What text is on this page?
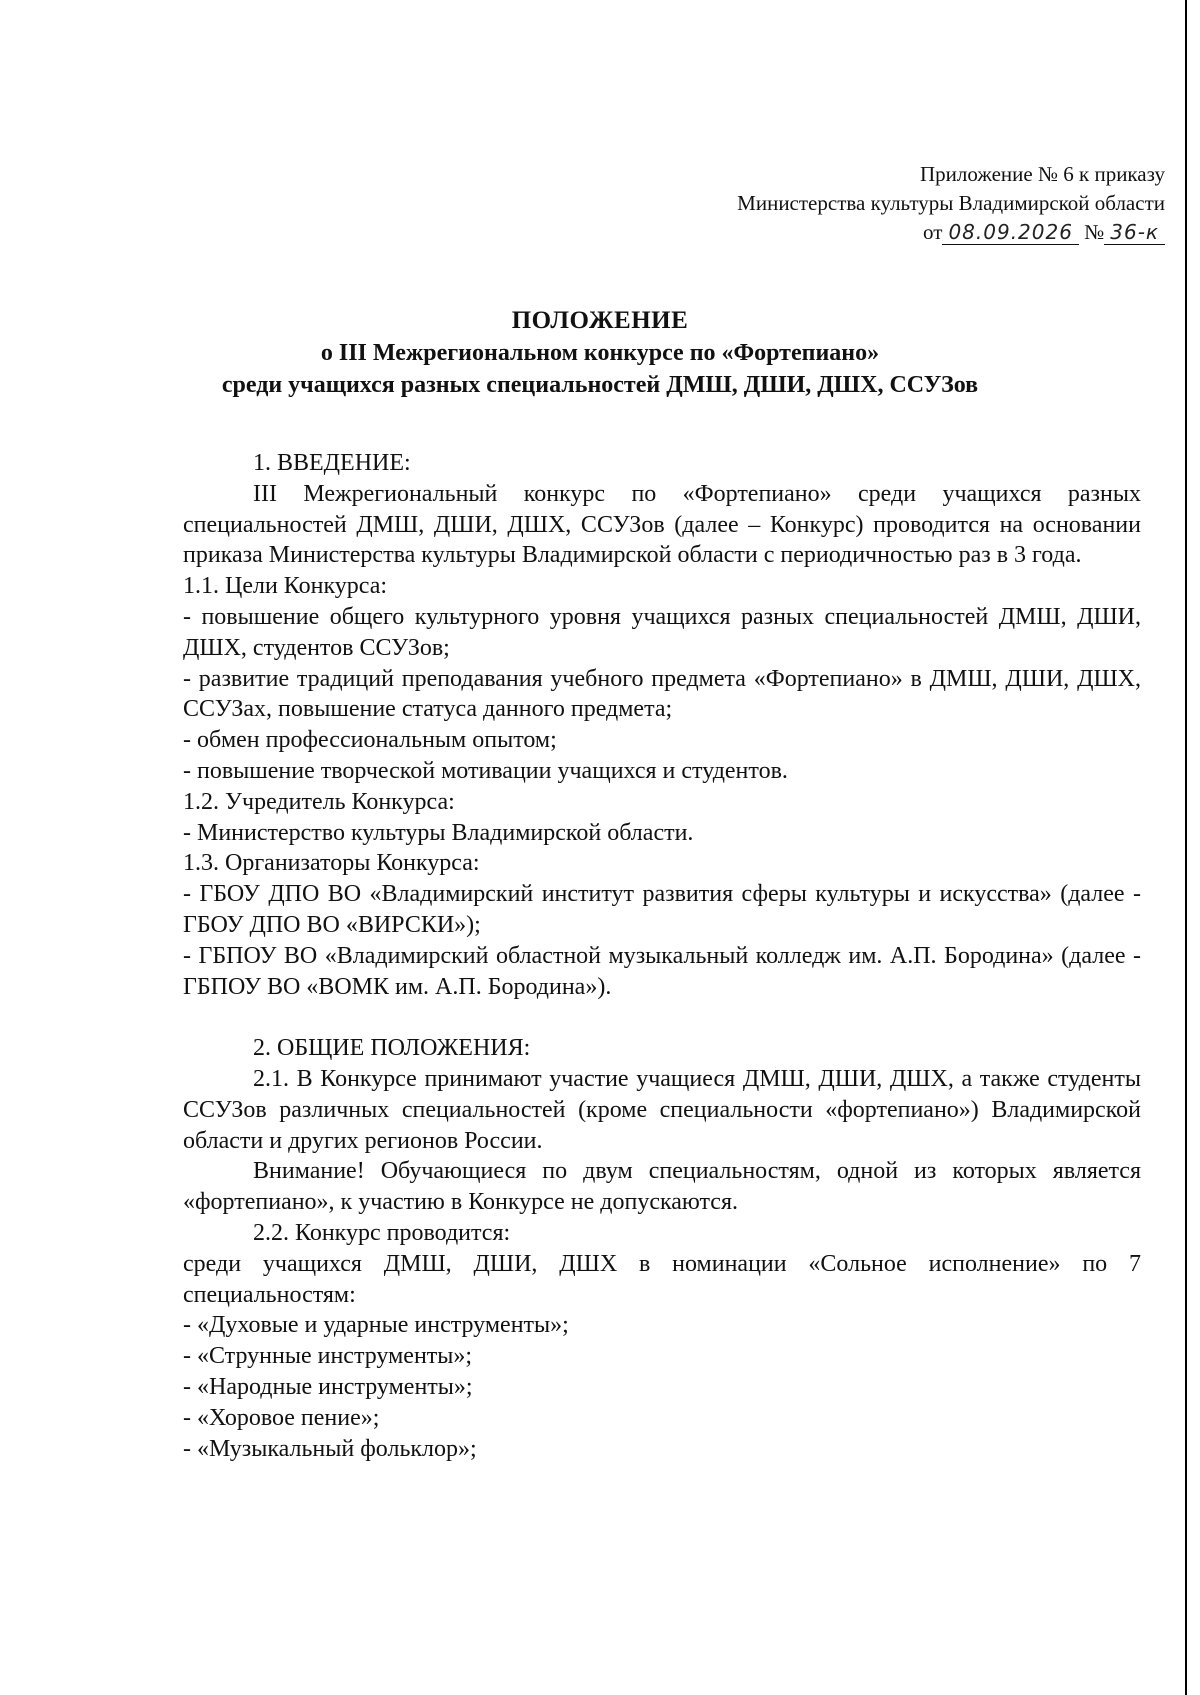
Приложение № 6 к приказу
Министерства культуры Владимирской области
от 08.09.2026 № 36-к
ПОЛОЖЕНИЕ
о III Межрегиональном конкурсе по «Фортепиано»
среди учащихся разных специальностей ДМШ, ДШИ, ДШХ, ССУЗов

1. ВВЕДЕНИЕ:

III Межрегиональный конкурс по «Фортепиано» среди учащихся разных специальностей ДМШ, ДШИ, ДШХ, ССУЗов (далее – Конкурс) проводится на основании приказа Министерства культуры Владимирской области с периодичностью раз в 3 года.

1.1. Цели Конкурса:

- повышение общего культурного уровня учащихся разных специальностей ДМШ, ДШИ, ДШХ, студентов ССУЗов;

- развитие традиций преподавания учебного предмета «Фортепиано» в ДМШ, ДШИ, ДШХ, ССУЗах, повышение статуса данного предмета;

- обмен профессиональным опытом;

- повышение творческой мотивации учащихся и студентов.

1.2. Учредитель Конкурса:

- Министерство культуры Владимирской области.

1.3. Организаторы Конкурса:

- ГБОУ ДПО ВО «Владимирский институт развития сферы культуры и искусства» (далее - ГБОУ ДПО ВО «ВИРСКИ»);

- ГБПОУ ВО «Владимирский областной музыкальный колледж им. А.П. Бородина» (далее - ГБПОУ ВО «ВОМК им. А.П. Бородина»).

2. ОБЩИЕ ПОЛОЖЕНИЯ:

2.1. В Конкурсе принимают участие учащиеся ДМШ, ДШИ, ДШХ, а также студенты ССУЗов различных специальностей (кроме специальности «фортепиано») Владимирской области и других регионов России.

Внимание! Обучающиеся по двум специальностям, одной из которых является «фортепиано», к участию в Конкурсе не допускаются.

2.2. Конкурс проводится:

среди учащихся ДМШ, ДШИ, ДШХ в номинации «Сольное исполнение» по 7 специальностям:

- «Духовые и ударные инструменты»;

- «Струнные инструменты»;

- «Народные инструменты»;

- «Хоровое пение»;

- «Музыкальный фольклор»;
